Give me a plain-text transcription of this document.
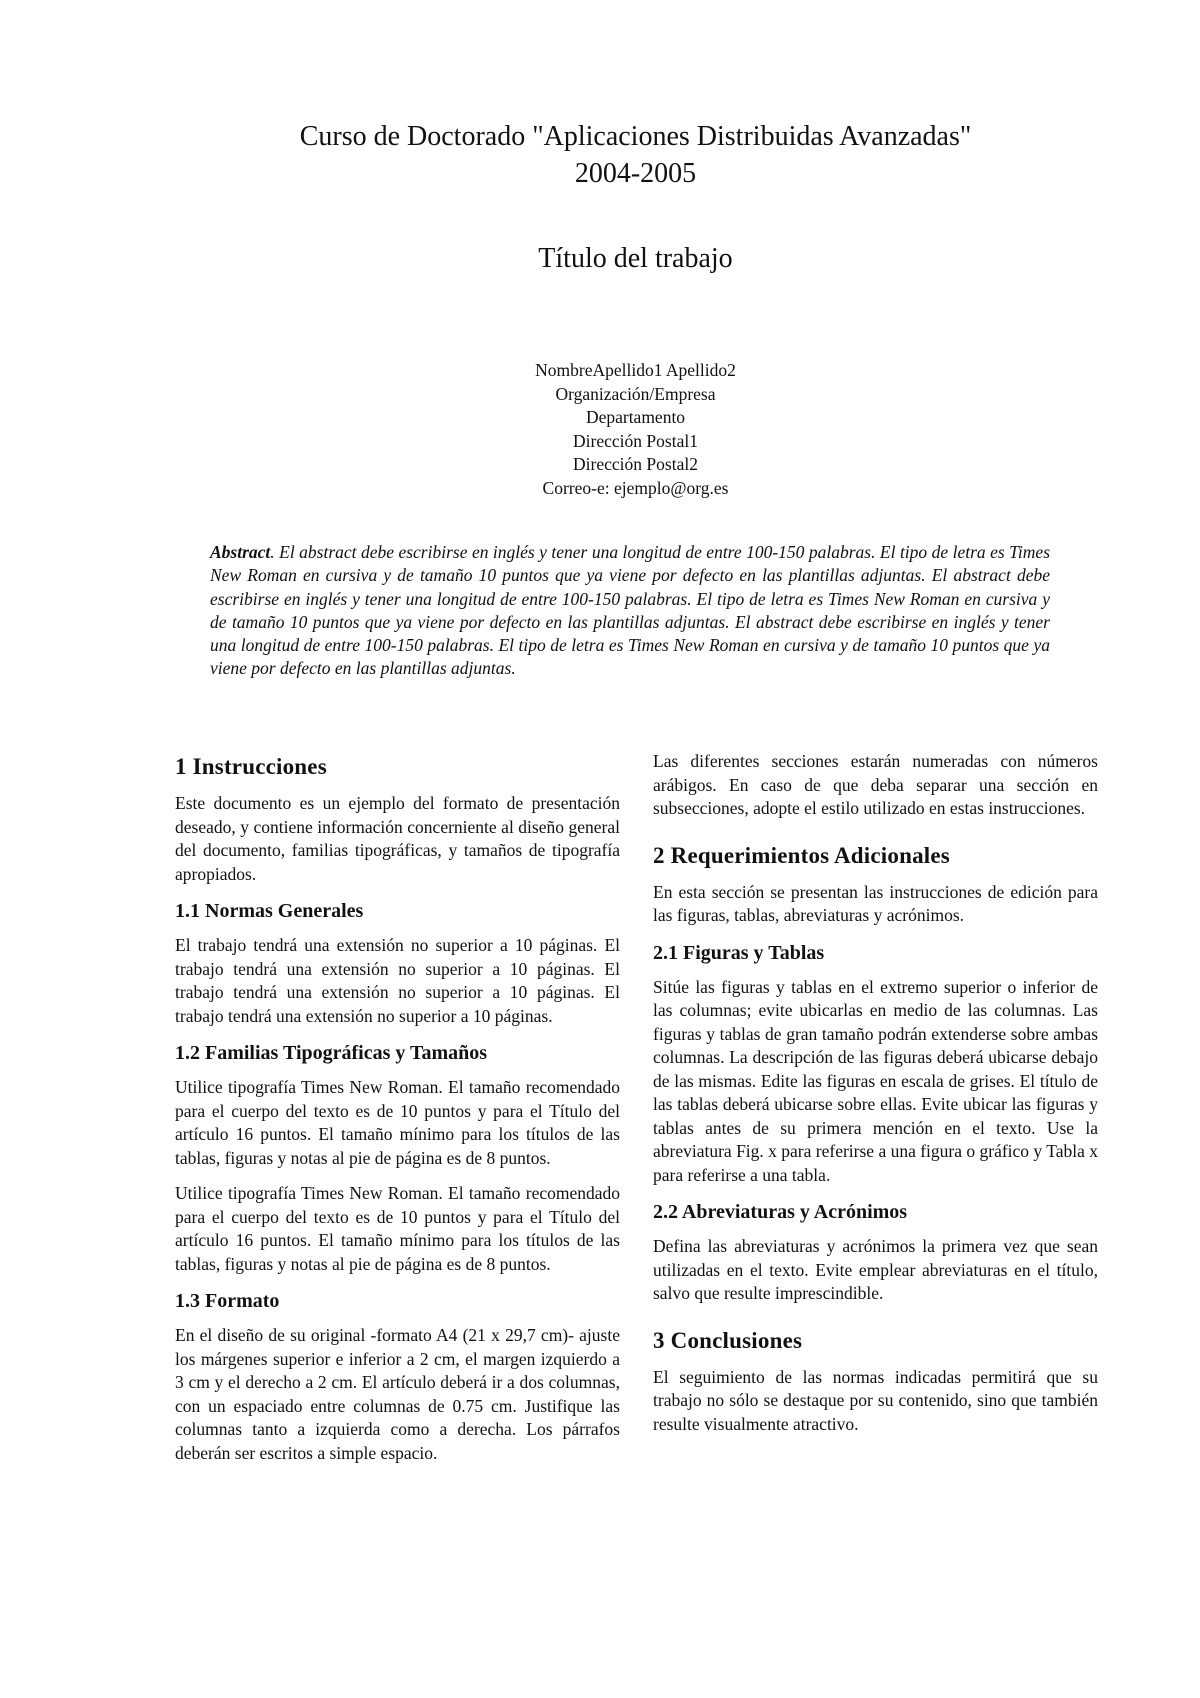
Curso de Doctorado "Aplicaciones Distribuidas Avanzadas"
2004-2005
Título del trabajo
NombreApellido1 Apellido2
Organización/Empresa
Departamento
Dirección Postal1
Dirección Postal2
Correo-e: ejemplo@org.es
Abstract. El abstract debe escribirse en inglés y tener una longitud de entre 100-150 palabras. El tipo de letra es Times New Roman en cursiva y de tamaño 10 puntos que ya viene por defecto en las plantillas adjuntas. El abstract debe escribirse en inglés y tener una longitud de entre 100-150 palabras. El tipo de letra es Times New Roman en cursiva y de tamaño 10 puntos que ya viene por defecto en las plantillas adjuntas. El abstract debe escribirse en inglés y tener una longitud de entre 100-150 palabras. El tipo de letra es Times New Roman en cursiva y de tamaño 10 puntos que ya viene por defecto en las plantillas adjuntas.
1 Instrucciones

Este documento es un ejemplo del formato de presentación deseado, y contiene información concerniente al diseño general del documento, familias tipográficas, y tamaños de tipografía apropiados.

1.1 Normas Generales

El trabajo tendrá una extensión no superior a 10 páginas. El trabajo tendrá una extensión no superior a 10 páginas. El trabajo tendrá una extensión no superior a 10 páginas. El trabajo tendrá una extensión no superior a 10 páginas.

1.2 Familias Tipográficas y Tamaños

Utilice tipografía Times New Roman. El tamaño recomendado para el cuerpo del texto es de 10 puntos y para el Título del artículo 16 puntos. El tamaño mínimo para los títulos de las tablas, figuras y notas al pie de página es de 8 puntos.

Utilice tipografía Times New Roman. El tamaño recomendado para el cuerpo del texto es de 10 puntos y para el Título del artículo 16 puntos. El tamaño mínimo para los títulos de las tablas, figuras y notas al pie de página es de 8 puntos.

1.3 Formato

En el diseño de su original -formato A4 (21 x 29,7 cm)- ajuste los márgenes superior e inferior a 2 cm, el margen izquierdo a 3 cm y el derecho a 2 cm. El artículo deberá ir a dos columnas, con un espaciado entre columnas de 0.75 cm. Justifique las columnas tanto a izquierda como a derecha. Los párrafos deberán ser escritos a simple espacio.

Las diferentes secciones estarán numeradas con números arábigos. En caso de que deba separar una sección en subsecciones, adopte el estilo utilizado en estas instrucciones.

2 Requerimientos Adicionales

En esta sección se presentan las instrucciones de edición para las figuras, tablas, abreviaturas y acrónimos.

2.1 Figuras y Tablas

Sitúe las figuras y tablas en el extremo superior o inferior de las columnas; evite ubicarlas en medio de las columnas. Las figuras y tablas de gran tamaño podrán extenderse sobre ambas columnas. La descripción de las figuras deberá ubicarse debajo de las mismas. Edite las figuras en escala de grises. El título de las tablas deberá ubicarse sobre ellas. Evite ubicar las figuras y tablas antes de su primera mención en el texto. Use la abreviatura Fig. x para referirse a una figura o gráfico y Tabla x para referirse a una tabla.

2.2 Abreviaturas y Acrónimos

Defina las abreviaturas y acrónimos la primera vez que sean utilizadas en el texto. Evite emplear abreviaturas en el título, salvo que resulte imprescindible.

3 Conclusiones

El seguimiento de las normas indicadas permitirá que su trabajo no sólo se destaque por su contenido, sino que también resulte visualmente atractivo.
